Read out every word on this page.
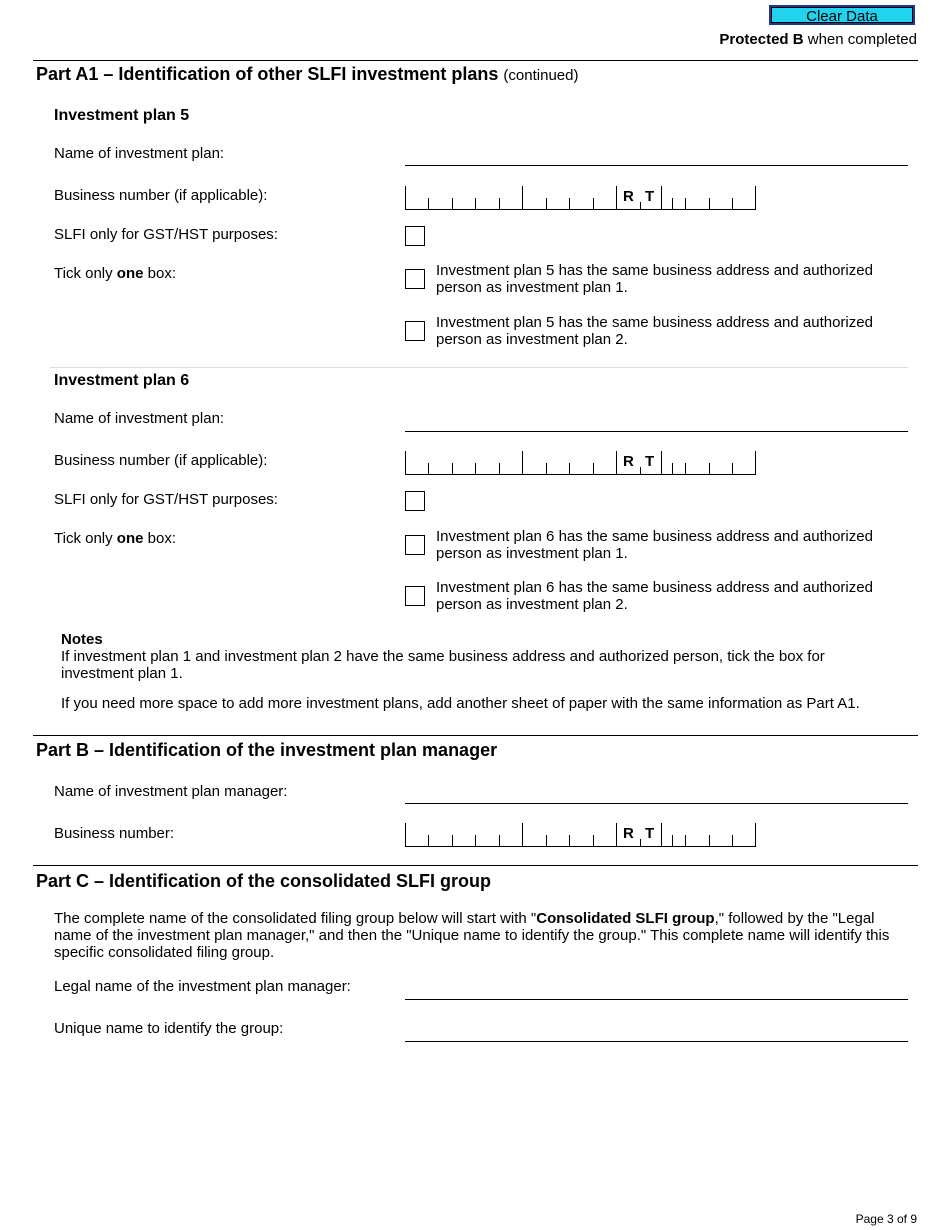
Clear Data
Protected B when completed
Part A1 – Identification of other SLFI investment plans (continued)
Investment plan 5
Name of investment plan:
Business number (if applicable):	R T
SLFI only for GST/HST purposes:
Tick only one box:	Investment plan 5 has the same business address and authorized person as investment plan 1.
Investment plan 5 has the same business address and authorized person as investment plan 2.
Investment plan 6
Name of investment plan:
Business number (if applicable):	R T
SLFI only for GST/HST purposes:
Tick only one box:	Investment plan 6 has the same business address and authorized person as investment plan 1.
Investment plan 6 has the same business address and authorized person as investment plan 2.
Notes
If investment plan 1 and investment plan 2 have the same business address and authorized person, tick the box for investment plan 1.
If you need more space to add more investment plans, add another sheet of paper with the same information as Part A1.
Part B – Identification of the investment plan manager
Name of investment plan manager:
Business number:	R T
Part C – Identification of the consolidated SLFI group
The complete name of the consolidated filing group below will start with "Consolidated SLFI group," followed by the "Legal name of the investment plan manager," and then the "Unique name to identify the group." This complete name will identify this specific consolidated filing group.
Legal name of the investment plan manager:
Unique name to identify the group:
Page 3 of 9
